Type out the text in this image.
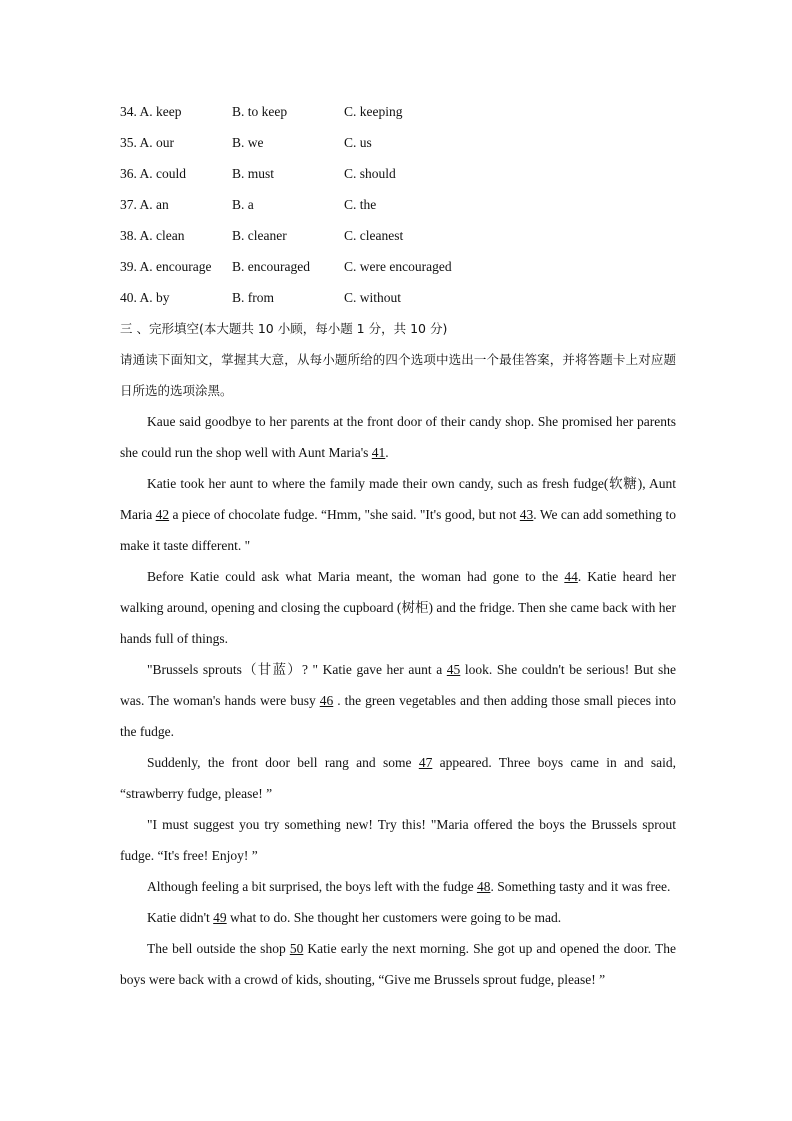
34. A. keep	B. to keep	C. keeping
35. A. our	B. we	C. us
36. A. could	B. must	C. should
37. A. an	B. a	C. the
38. A. clean	B. cleaner	C. cleanest
39. A. encourage B. encouraged	C. were encouraged
40. A. by	B. from	C. without
三 、完形填空(本大题共 10 小顾，每小题 1 分，共 10 分)
请通读下面知文，掌握其大意，从每小题所给的四个选项中选出一个最佳答案，并将答题卡上对应题日所选的选项涂黑。

Kaue said goodbye to her parents at the front door of their candy shop. She promised her parents she could run the shop well with Aunt Maria's 41.

Katie took her aunt to where the family made their own candy, such as fresh fudge(软糖), Aunt Maria 42 a piece of chocolate fudge. “Hmm, "she said. "It's good, but not 43. We can add something to make it taste different. "

Before Katie could ask what Maria meant, the woman had gone to the 44. Katie heard her walking around, opening and closing the cupboard (树柜) and the fridge. Then she came back with her hands full of things.

"Brussels sprouts（甘蓝）? " Katie gave her aunt a 45 look. She couldn't be serious! But she was. The woman's hands were busy 46 . the green vegetables and then adding those small pieces into the fudge.

Suddenly, the front door bell rang and some 47 appeared. Three boys came in and said, “strawberry fudge, please! ”

"I must suggest you try something new! Try this! "Maria offered the boys the Brussels sprout fudge. “It's free! Enjoy! ”

Although feeling a bit surprised, the boys left with the fudge 48. Something tasty and it was free.

Katie didn't 49 what to do. She thought her customers were going to be mad.

The bell outside the shop 50 Katie early the next morning. She got up and opened the door. The boys were back with a crowd of kids, shouting, “Give me Brussels sprout fudge, please! ”
